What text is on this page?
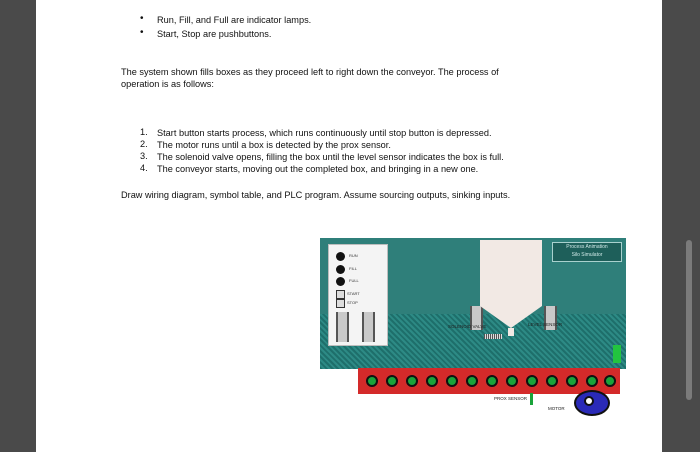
• Run, Fill, and Full are indicator lamps.
• Start, Stop are pushbuttons.
The system shown fills boxes as they proceed left to right down the conveyor. The process of
operation is as follows:
1. Start button starts process, which runs continuously until stop button is depressed.
2. The motor runs until a box is detected by the prox sensor.
3. The solenoid valve opens, filling the box until the level sensor indicates the box is full.
4. The conveyor starts, moving out the completed box, and bringing in a new one.
Draw wiring diagram, symbol table, and PLC program. Assume sourcing outputs, sinking inputs.
RUN
FILL
FULL
START
STOP
Process Animation
Silo Simulator
SOLENOID VALVE	LEVEL SENSOR
PROX SENSOR
MOTOR
